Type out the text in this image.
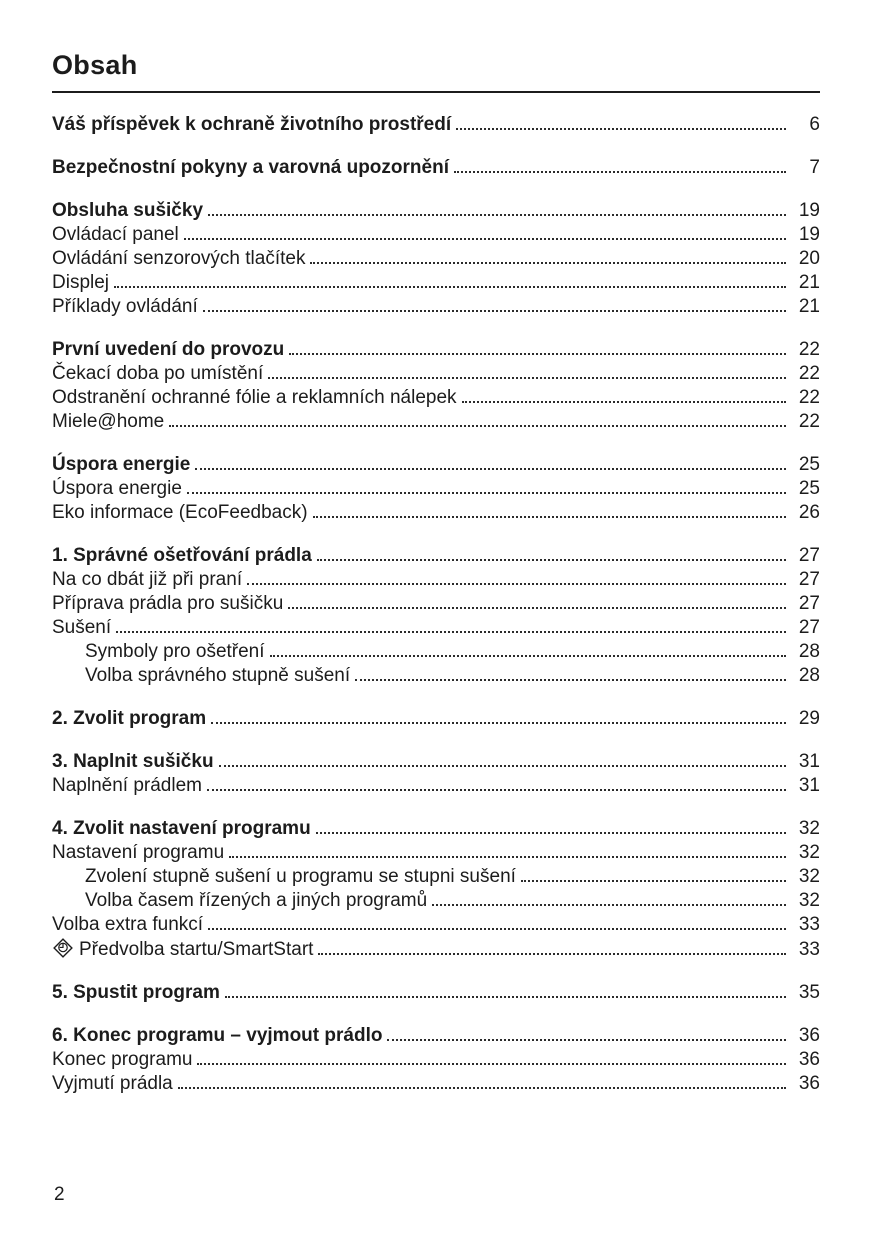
Obsah
Váš příspěvek k ochraně životního prostředí	6
Bezpečnostní pokyny a varovná upozornění	7
Obsluha sušičky	19
Ovládací panel	19
Ovládání senzorových tlačítek	20
Displej	21
Příklady ovládání	21
První uvedení do provozu	22
Čekací doba po umístění	22
Odstranění ochranné fólie a reklamních nálepek	22
Miele@home	22
Úspora energie	25
Úspora energie	25
Eko informace (EcoFeedback)	26
1. Správné ošetřování prádla	27
Na co dbát již při praní	27
Příprava prádla pro sušičku	27
Sušení	27
Symboly pro ošetření	28
Volba správného stupně sušení	28
2. Zvolit program	29
3. Naplnit sušičku	31
Naplnění prádlem	31
4. Zvolit nastavení programu	32
Nastavení programu	32
Zvolení stupně sušení u programu se stupni sušení	32
Volba časem řízených a jiných programů	32
Volba extra funkcí	33
Předvolba startu/SmartStart	33
5. Spustit program	35
6. Konec programu – vyjmout prádlo	36
Konec programu	36
Vyjmutí prádla	36
2
